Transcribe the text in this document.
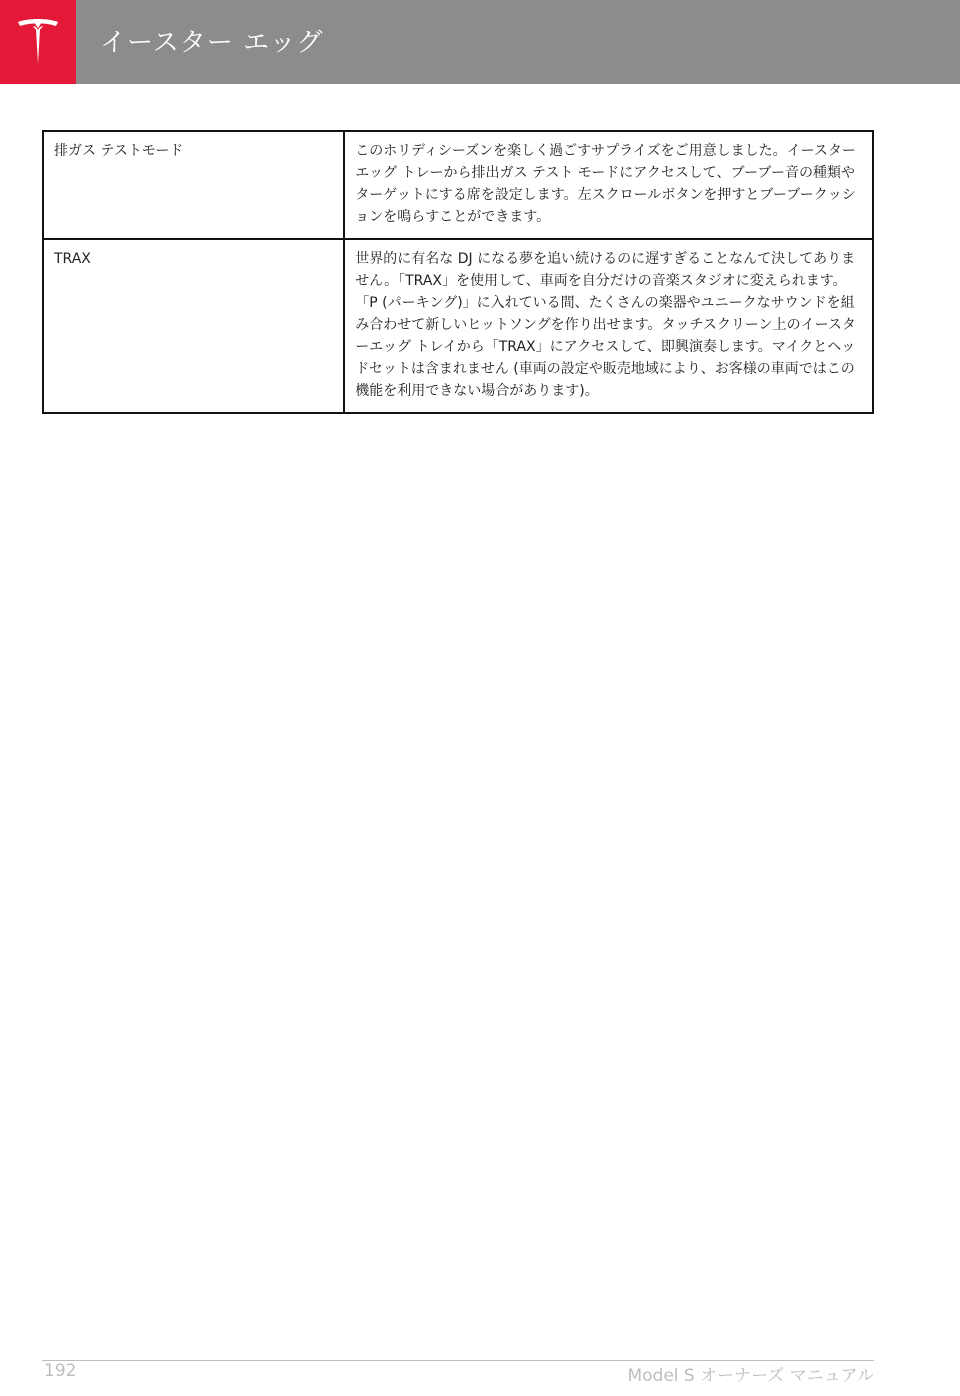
イースター エッグ
排ガス テストモード	このホリディシーズンを楽しく過ごすサプライズをご用意しました。イースターエッグ トレーから排出ガス テスト モードにアクセスして、ブーブー音の種類やターゲットにする席を設定します。左スクロールボタンを押すとブーブークッションを鳴らすことができます。
TRAX	世界的に有名な DJ になる夢を追い続けるのに遅すぎることなんて決してありません。「TRAX」を使用して、車両を自分だけの音楽スタジオに変えられます。「P (パーキング)」に入れている間、たくさんの楽器やユニークなサウンドを組み合わせて新しいヒットソングを作り出せます。タッチスクリーン上のイースターエッグ トレイから「TRAX」にアクセスして、即興演奏します。マイクとヘッドセットは含まれません (車両の設定や販売地域により、お客様の車両ではこの機能を利用できない場合があります)。
192	Model S オーナーズ マニュアル
